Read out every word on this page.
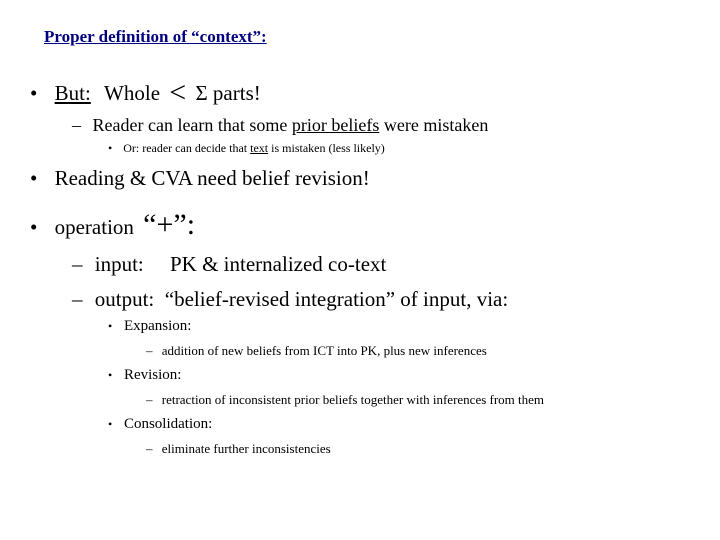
Proper definition of “context”:
• But: Whole < Σ parts!
– Reader can learn that some prior beliefs were mistaken
• Or: reader can decide that text is mistaken (less likely)
• Reading & CVA need belief revision!
• operation “+”:
– input:     PK & internalized co-text
– output:  “belief-revised integration” of input, via:
• Expansion:
– addition of new beliefs from ICT into PK, plus new inferences
• Revision:
– retraction of inconsistent prior beliefs together with inferences from them
• Consolidation:
– eliminate further inconsistencies
